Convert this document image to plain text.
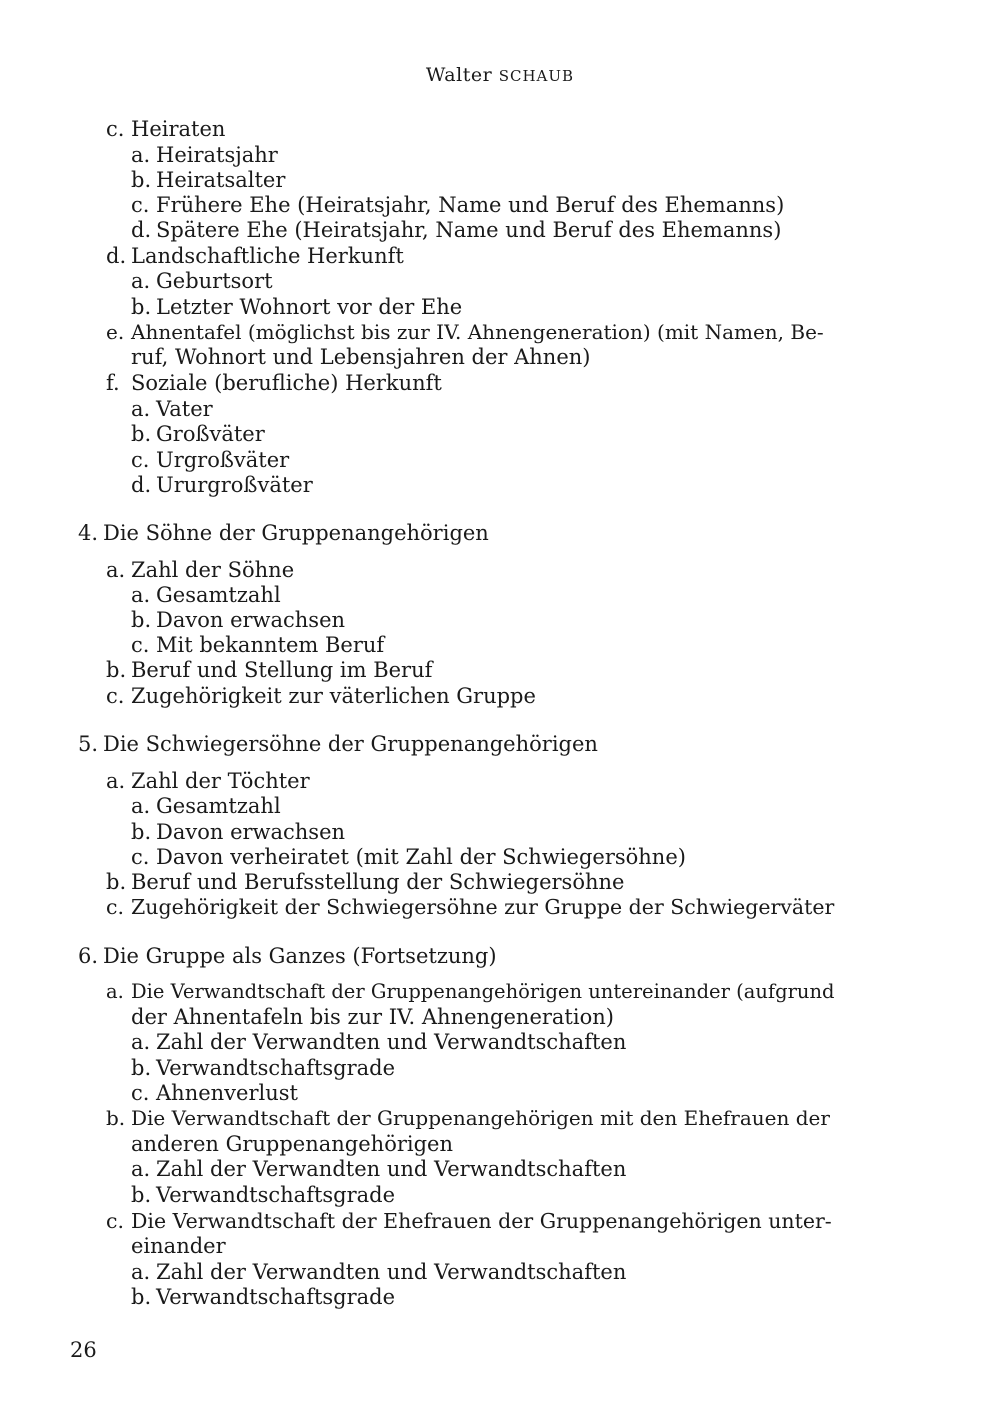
Walter SCHAUB
c. Heiraten
a. Heiratsjahr
b. Heiratsalter
c. Frühere Ehe (Heiratsjahr, Name und Beruf des Ehemanns)
d. Spätere Ehe (Heiratsjahr, Name und Beruf des Ehemanns)
d. Landschaftliche Herkunft
a. Geburtsort
b. Letzter Wohnort vor der Ehe
e. Ahnentafel (möglichst bis zur IV. Ahnengeneration) (mit Namen, Be-
ruf, Wohnort und Lebensjahren der Ahnen)
f. Soziale (berufliche) Herkunft
a. Vater
b. Großväter
c. Urgroßväter
d. Ururgroßväter
4. Die Söhne der Gruppenangehörigen
a. Zahl der Söhne
a. Gesamtzahl
b. Davon erwachsen
c. Mit bekanntem Beruf
b. Beruf und Stellung im Beruf
c. Zugehörigkeit zur väterlichen Gruppe
5. Die Schwiegersöhne der Gruppenangehörigen
a. Zahl der Töchter
a. Gesamtzahl
b. Davon erwachsen
c. Davon verheiratet (mit Zahl der Schwiegersöhne)
b. Beruf und Berufsstellung der Schwiegersöhne
c. Zugehörigkeit der Schwiegersöhne zur Gruppe der Schwiegerväter
6. Die Gruppe als Ganzes (Fortsetzung)
a. Die Verwandtschaft der Gruppenangehörigen untereinander (aufgrund
der Ahnentafeln bis zur IV. Ahnengeneration)
a. Zahl der Verwandten und Verwandtschaften
b. Verwandtschaftsgrade
c. Ahnenverlust
b. Die Verwandtschaft der Gruppenangehörigen mit den Ehefrauen der
anderen Gruppenangehörigen
a. Zahl der Verwandten und Verwandtschaften
b. Verwandtschaftsgrade
c. Die Verwandtschaft der Ehefrauen der Gruppenangehörigen unter-
einander
a. Zahl der Verwandten und Verwandtschaften
b. Verwandtschaftsgrade
26
